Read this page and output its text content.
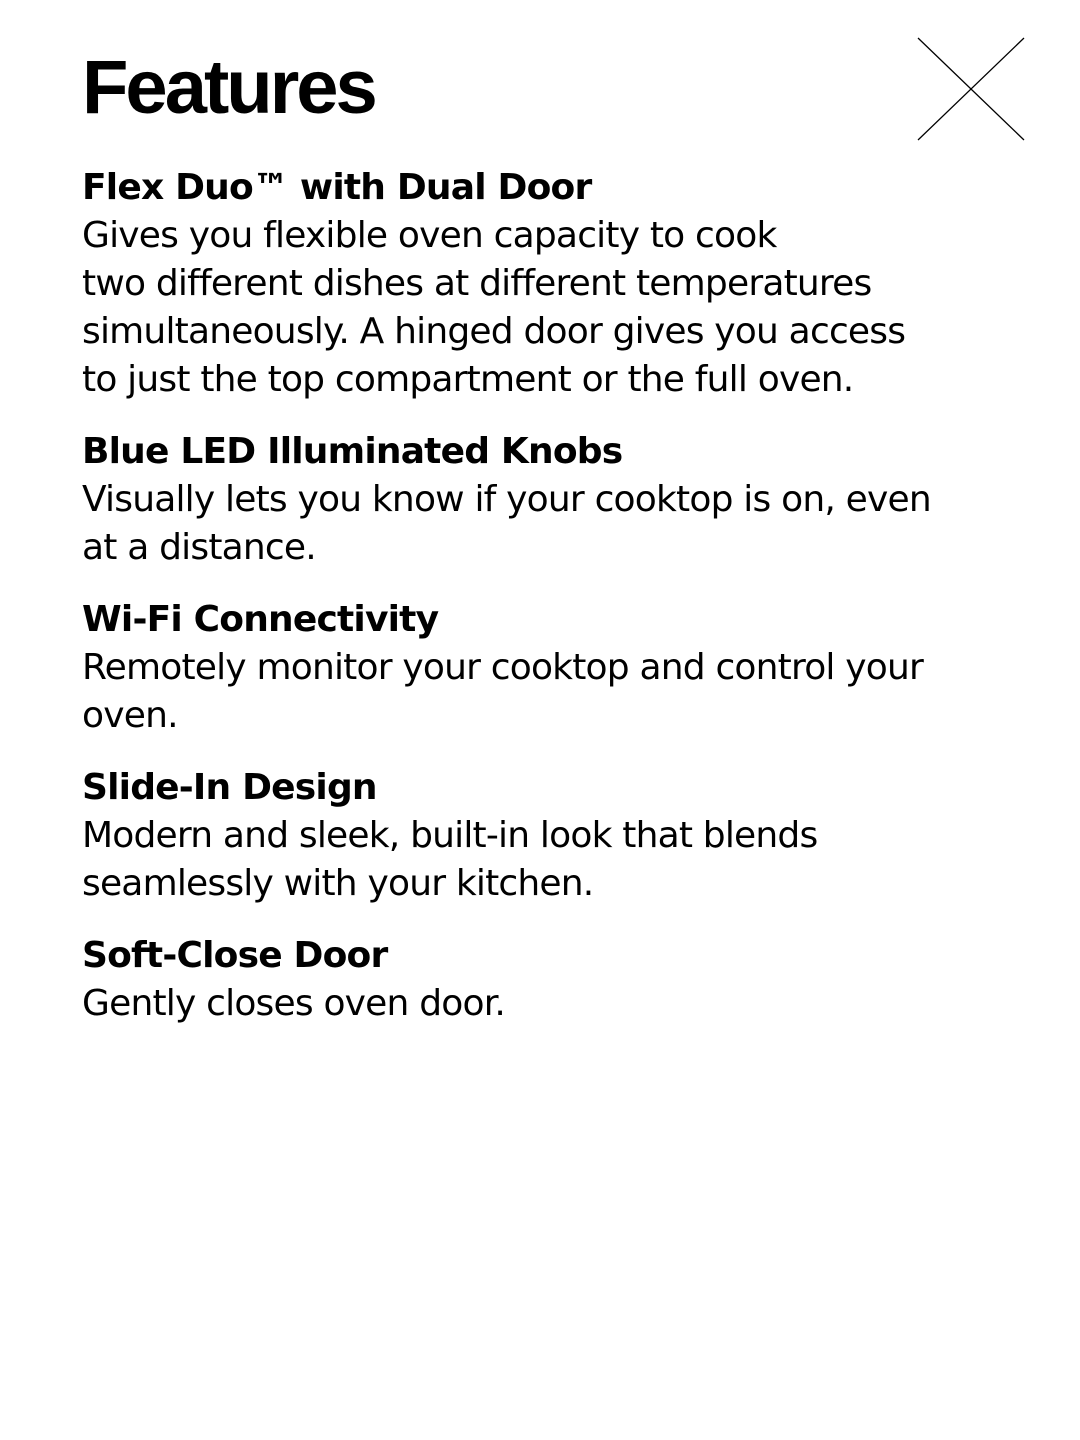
Features
Flex Duo™ with Dual Door

Gives you flexible oven capacity to cook
two different dishes at different temperatures
simultaneously. A hinged door gives you access
to just the top compartment or the full oven.

Blue LED Illuminated Knobs

Visually lets you know if your cooktop is on, even
at a distance.

Wi-Fi Connectivity

Remotely monitor your cooktop and control your
oven.

Slide-In Design

Modern and sleek, built-in look that blends
seamlessly with your kitchen.

Soft-Close Door

Gently closes oven door.
